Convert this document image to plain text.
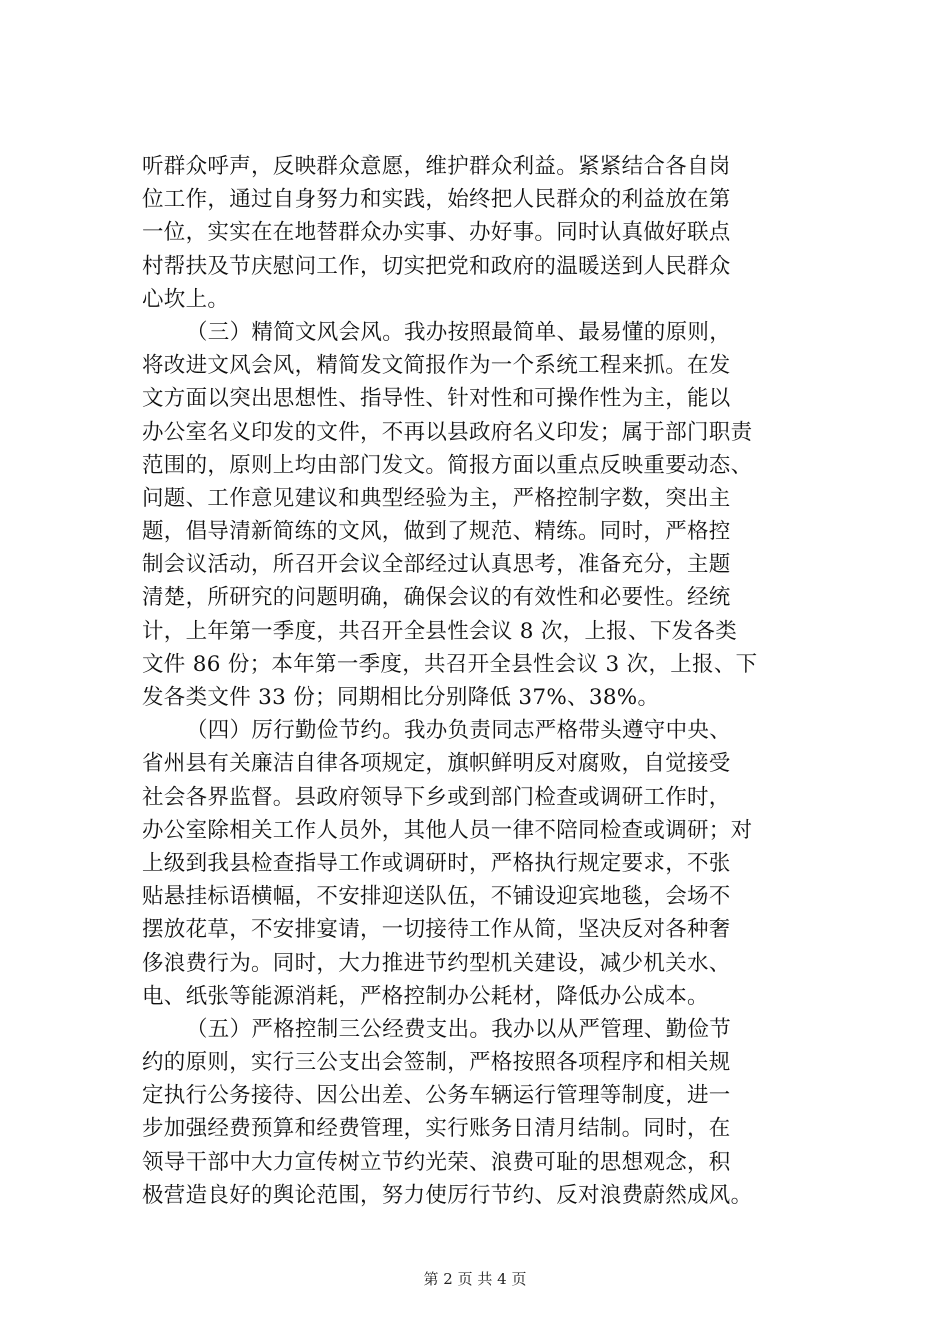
听群众呼声，反映群众意愿，维护群众利益。紧紧结合各自岗
位工作，通过自身努力和实践，始终把人民群众的利益放在第
一位，实实在在地替群众办实事、办好事。同时认真做好联点
村帮扶及节庆慰问工作，切实把党和政府的温暖送到人民群众
心坎上。
（三）精简文风会风。我办按照最简单、最易懂的原则，
将改进文风会风，精简发文简报作为一个系统工程来抓。在发
文方面以突出思想性、指导性、针对性和可操作性为主，能以
办公室名义印发的文件，不再以县政府名义印发；属于部门职责
范围的，原则上均由部门发文。简报方面以重点反映重要动态、
问题、工作意见建议和典型经验为主，严格控制字数，突出主
题，倡导清新简练的文风，做到了规范、精练。同时，严格控
制会议活动，所召开会议全部经过认真思考，准备充分，主题
清楚，所研究的问题明确，确保会议的有效性和必要性。经统
计，上年第一季度，共召开全县性会议 8 次，上报、下发各类
文件 86 份；本年第一季度，共召开全县性会议 3 次，上报、下
发各类文件 33 份；同期相比分别降低 37%、38%。
（四）厉行勤俭节约。我办负责同志严格带头遵守中央、
省州县有关廉洁自律各项规定，旗帜鲜明反对腐败，自觉接受
社会各界监督。县政府领导下乡或到部门检查或调研工作时，
办公室除相关工作人员外，其他人员一律不陪同检查或调研；对
上级到我县检查指导工作或调研时，严格执行规定要求，不张
贴悬挂标语横幅，不安排迎送队伍，不铺设迎宾地毯，会场不
摆放花草，不安排宴请，一切接待工作从简，坚决反对各种奢
侈浪费行为。同时，大力推进节约型机关建设，减少机关水、
电、纸张等能源消耗，严格控制办公耗材，降低办公成本。
（五）严格控制三公经费支出。我办以从严管理、勤俭节
约的原则，实行三公支出会签制，严格按照各项程序和相关规
定执行公务接待、因公出差、公务车辆运行管理等制度，进一
步加强经费预算和经费管理，实行账务日清月结制。同时，在
领导干部中大力宣传树立节约光荣、浪费可耻的思想观念，积
极营造良好的舆论范围，努力使厉行节约、反对浪费蔚然成风。
第 2 页 共 4 页
